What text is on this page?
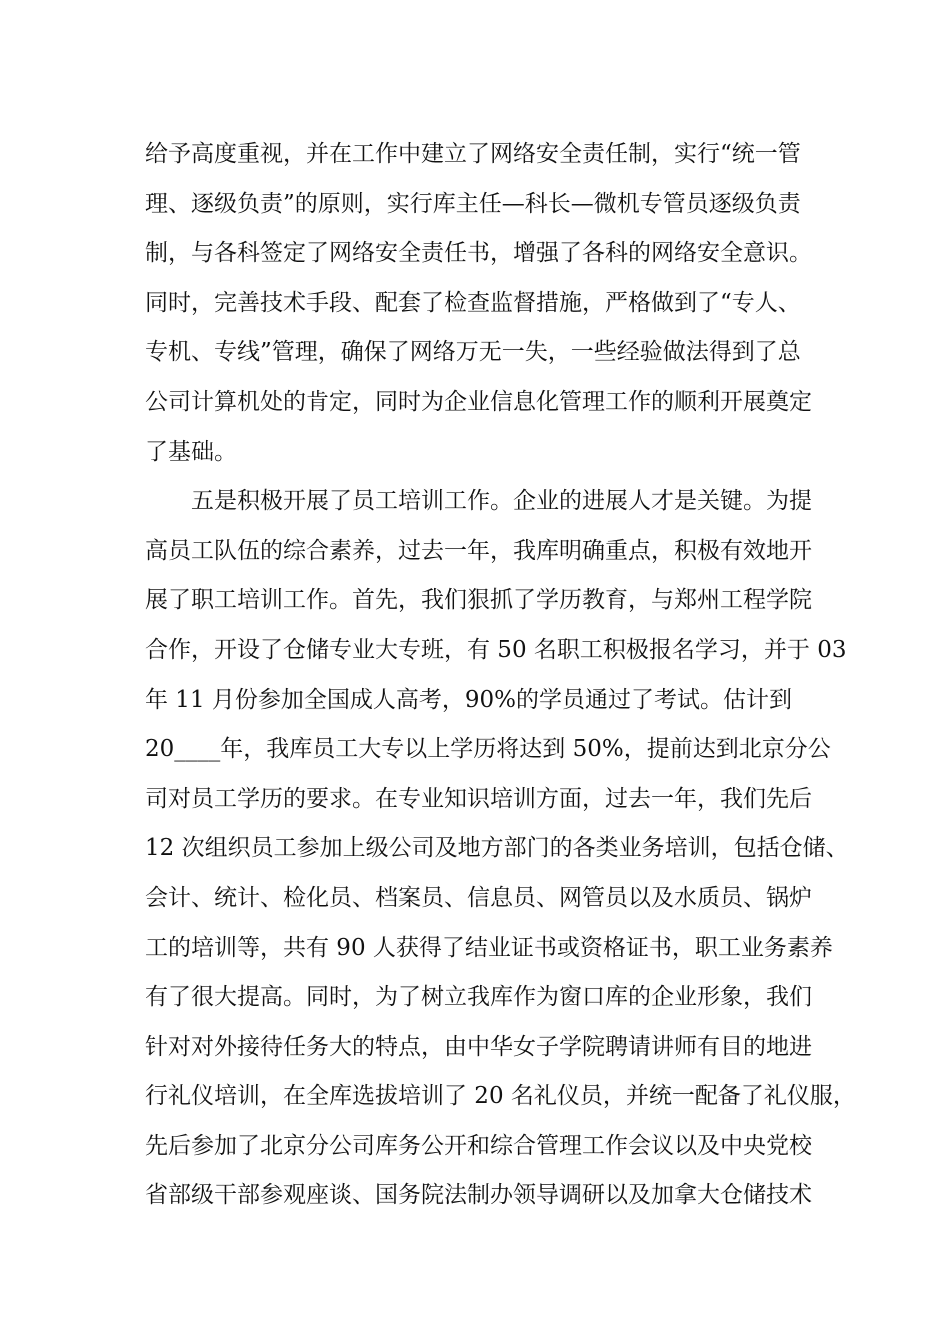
给予高度重视，并在工作中建立了网络安全责任制，实行“统一管
理、逐级负责”的原则，实行库主任—科长—微机专管员逐级负责
制，与各科签定了网络安全责任书，增强了各科的网络安全意识。
同时，完善技术手段、配套了检查监督措施，严格做到了“专人、
专机、专线”管理，确保了网络万无一失，一些经验做法得到了总
公司计算机处的肯定，同时为企业信息化管理工作的顺利开展奠定
了基础。
五是积极开展了员工培训工作。企业的进展人才是关键。为提
高员工队伍的综合素养，过去一年，我库明确重点，积极有效地开
展了职工培训工作。首先，我们狠抓了学历教育，与郑州工程学院
合作，开设了仓储专业大专班，有 50 名职工积极报名学习，并于 03
年 11 月份参加全国成人高考，90%的学员通过了考试。估计到
20____年，我库员工大专以上学历将达到 50%，提前达到北京分公
司对员工学历的要求。在专业知识培训方面，过去一年，我们先后
12 次组织员工参加上级公司及地方部门的各类业务培训，包括仓储、
会计、统计、检化员、档案员、信息员、网管员以及水质员、锅炉
工的培训等，共有 90 人获得了结业证书或资格证书，职工业务素养
有了很大提高。同时，为了树立我库作为窗口库的企业形象，我们
针对对外接待任务大的特点，由中华女子学院聘请讲师有目的地进
行礼仪培训，在全库选拔培训了 20 名礼仪员，并统一配备了礼仪服，
先后参加了北京分公司库务公开和综合管理工作会议以及中央党校
省部级干部参观座谈、国务院法制办领导调研以及加拿大仓储技术
